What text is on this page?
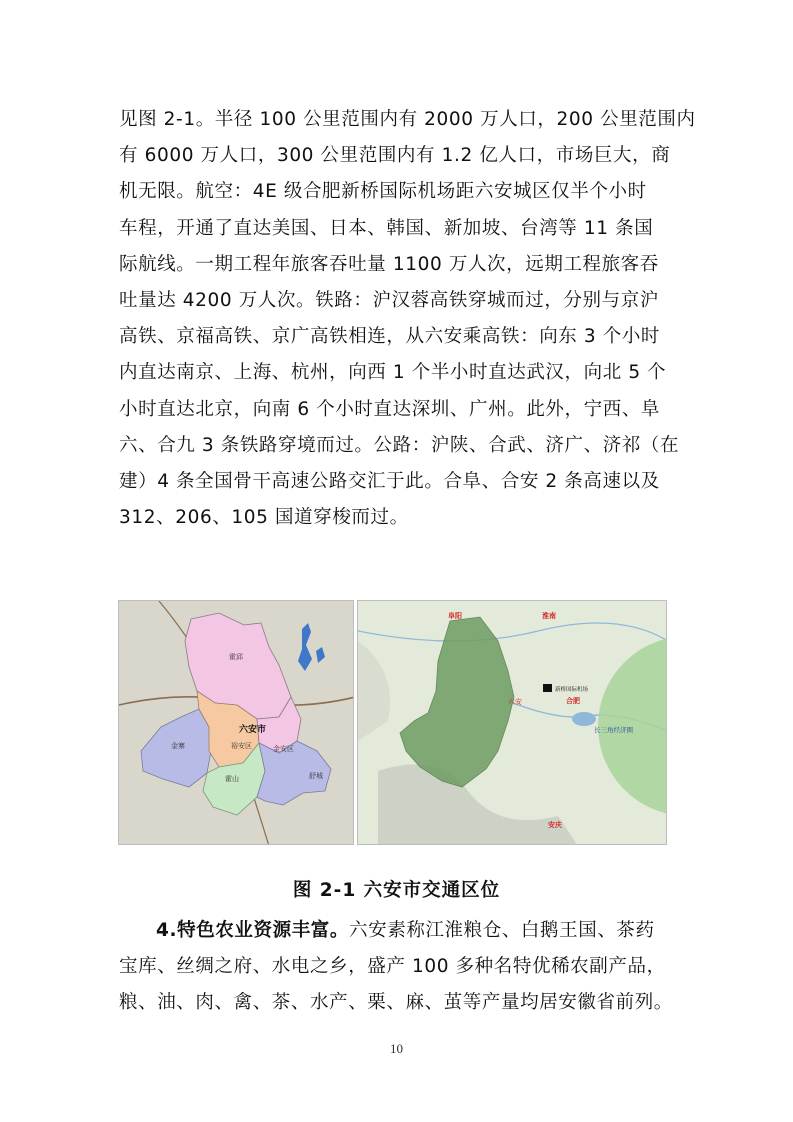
见图 2-1。半径 100 公里范围内有 2000 万人口，200 公里范围内
有 6000 万人口，300 公里范围内有 1.2 亿人口，市场巨大，商
机无限。航空：4E 级合肥新桥国际机场距六安城区仅半个小时
车程，开通了直达美国、日本、韩国、新加坡、台湾等 11 条国
际航线。一期工程年旅客吞吐量 1100 万人次，远期工程旅客吞
吐量达 4200 万人次。铁路：沪汉蓉高铁穿城而过，分别与京沪
高铁、京福高铁、京广高铁相连，从六安乘高铁：向东 3 个小时
内直达南京、上海、杭州，向西 1 个半小时直达武汉，向北 5 个
小时直达北京，向南 6 个小时直达深圳、广州。此外，宁西、阜
六、合九 3 条铁路穿境而过。公路：沪陕、合武、济广、济祁（在
建）4 条全国骨干高速公路交汇于此。合阜、合安 2 条高速以及
312、206、105 国道穿梭而过。

霍邱
金寨	裕安区	金安区
霍山	舒城
六安市
新桥国际机场
阜阳	淮南
合肥
六安
安庆
长三角经济圈
图 2-1 六安市交通区位

4.特色农业资源丰富。六安素称江淮粮仓、白鹅王国、茶药
宝库、丝绸之府、水电之乡，盛产 100 多种名特优稀农副产品，
粮、油、肉、禽、茶、水产、栗、麻、茧等产量均居安徽省前列。

10
